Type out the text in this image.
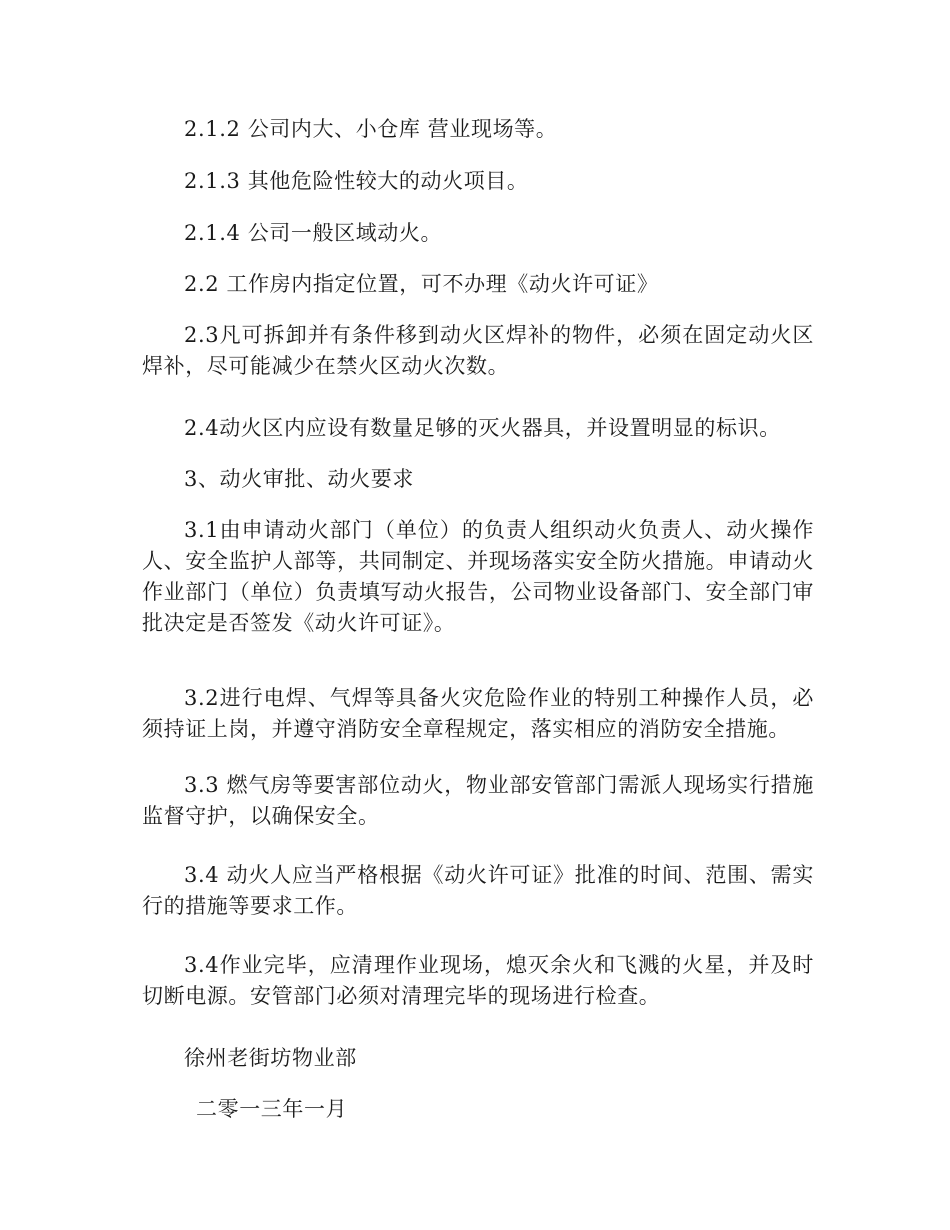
2.1.2 公司内大、小仓库 营业现场等。

2.1.3 其他危险性较大的动火项目。

2.1.4 公司一般区域动火。

2.2 工作房内指定位置，可不办理《动火许可证》

2.3凡可拆卸并有条件移到动火区焊补的物件，必须在固定动火区焊补，尽可能减少在禁火区动火次数。

2.4动火区内应设有数量足够的灭火器具，并设置明显的标识。

3、动火审批、动火要求

3.1由申请动火部门（单位）的负责人组织动火负责人、动火操作人、安全监护人部等，共同制定、并现场落实安全防火措施。申请动火作业部门（单位）负责填写动火报告，公司物业设备部门、安全部门审批决定是否签发《动火许可证》。

3.2进行电焊、气焊等具备火灾危险作业的特别工种操作人员，必须持证上岗，并遵守消防安全章程规定，落实相应的消防安全措施。

3.3 燃气房等要害部位动火，物业部安管部门需派人现场实行措施监督守护，以确保安全。

3.4 动火人应当严格根据《动火许可证》批准的时间、范围、需实行的措施等要求工作。

3.4作业完毕，应清理作业现场，熄灭余火和飞溅的火星，并及时切断电源。安管部门必须对清理完毕的现场进行检查。

徐州老街坊物业部

二零一三年一月
